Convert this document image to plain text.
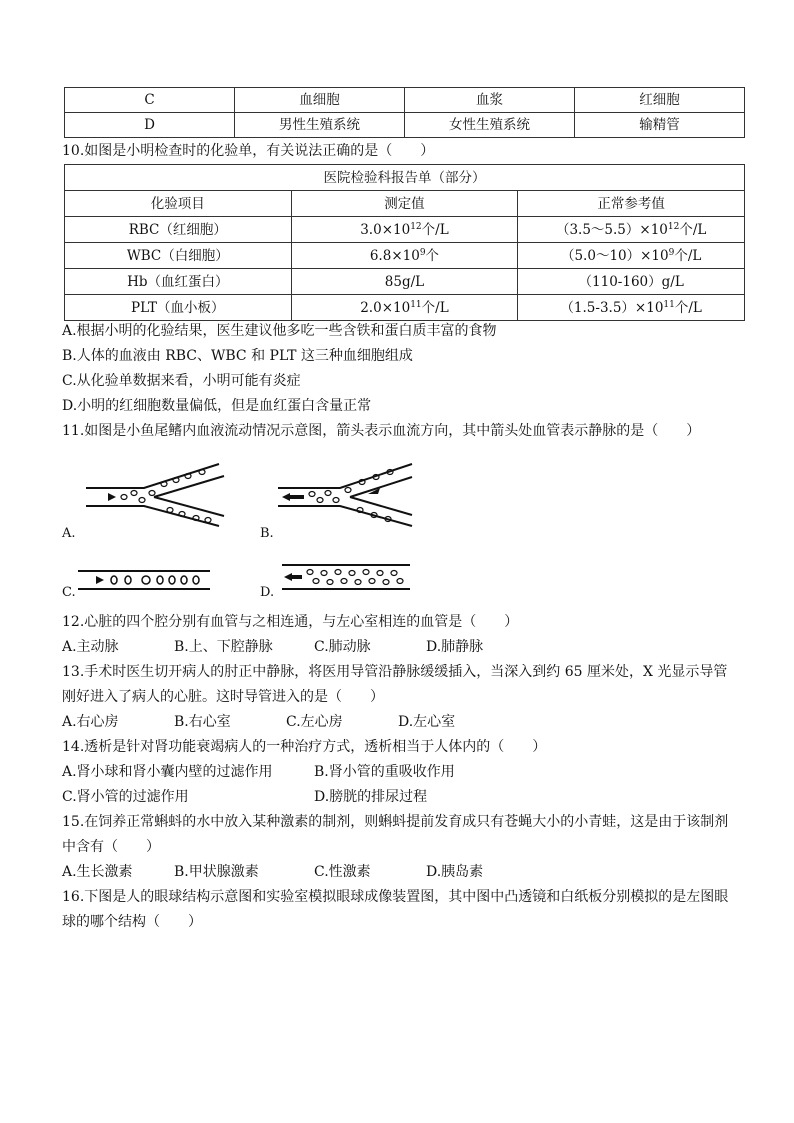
C	血细胞	血浆	红细胞
D	男性生殖系统	女性生殖系统	输精管
10.如图是小明检查时的化验单，有关说法正确的是（　　）
医院检验科报告单（部分）		
化验项目	测定值	正常参考值
RBC（红细胞）	$3.0\times 10^{12}$个/L	$(3.5\sim 5.5)\times 10^{12}$个/L
WBC（白细胞）	$6.8\times 10^9$个	$(5.0\sim 10)\times 10^9$个/L
Hb（血红蛋白）	85g/L	（110-160）g/L
PLT（血小板）	$2.0\times 10^{11}$个/L	$(1.5-3.5)\times 10^{11}$个/L
A.根据小明的化验结果，医生建议他多吃一些含铁和蛋白质丰富的食物
B.人体的血液由 RBC、WBC 和 PLT 这三种血细胞组成
C.从化验单数据来看，小明可能有炎症
D.小明的红细胞数量偏低，但是血红蛋白含量正常
11.如图是小鱼尾鳍内血液流动情况示意图，箭头表示血流方向，其中箭头处血管表示静脉的是（　　）
A.	B.
C.	D.
12.心脏的四个腔分别有血管与之相连通，与左心室相连的血管是（　　）
A.主动脉	B.上、下腔静脉	C.肺动脉	D.肺静脉
13.手术时医生切开病人的肘正中静脉，将医用导管沿静脉缓缓插入，当深入到约 65 厘米处，X 光显示导管
刚好进入了病人的心脏。这时导管进入的是（　　）
A.右心房	B.右心室	C.左心房	D.左心室
14.透析是针对肾功能衰竭病人的一种治疗方式，透析相当于人体内的（　　）
A.肾小球和肾小囊内壁的过滤作用	B.肾小管的重吸收作用
C.肾小管的过滤作用	D.膀胱的排尿过程
15.在饲养正常蝌蚪的水中放入某种激素的制剂，则蝌蚪提前发育成只有苍蝇大小的小青蛙，这是由于该制剂
中含有（　　）
A.生长激素	B.甲状腺激素	C.性激素	D.胰岛素
16.下图是人的眼球结构示意图和实验室模拟眼球成像装置图，其中图中凸透镜和白纸板分别模拟的是左图眼
球的哪个结构（　　）
